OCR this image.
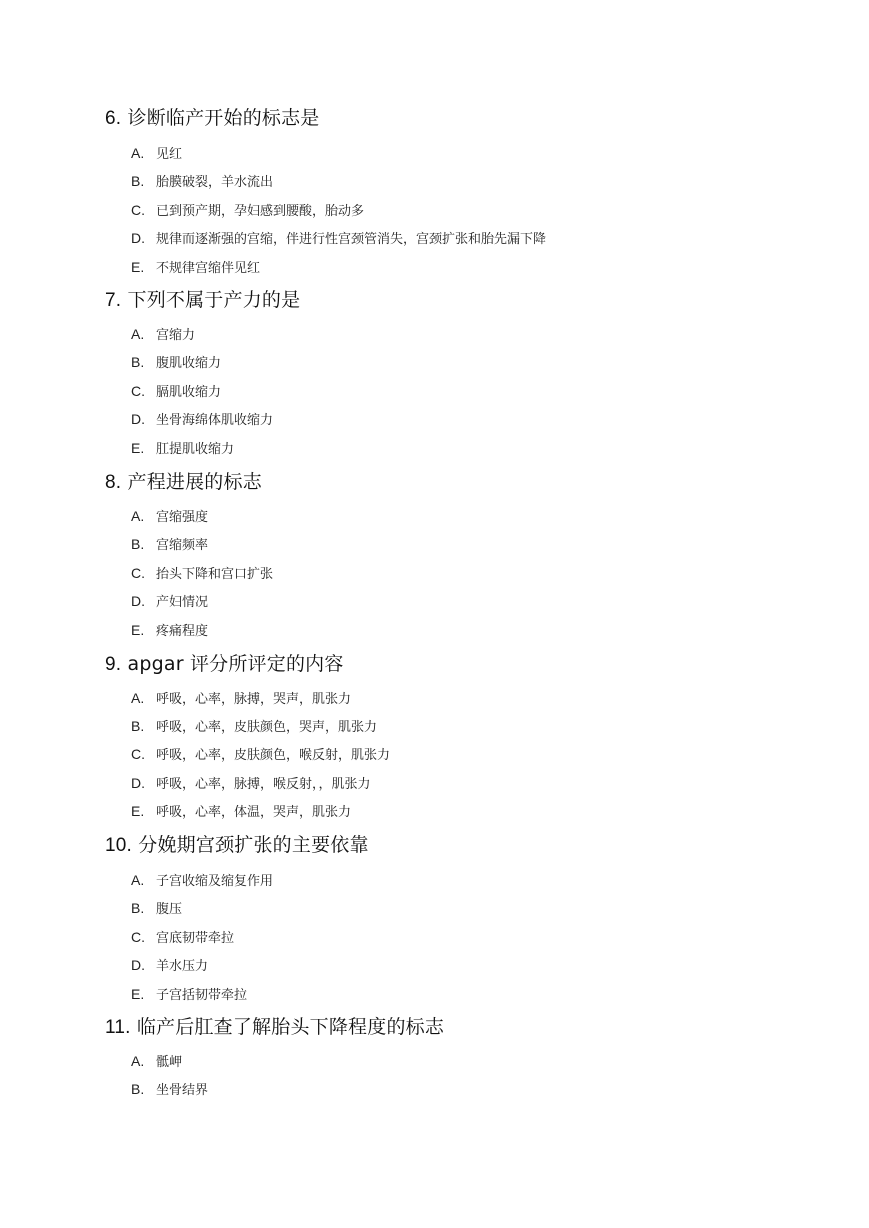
6. 诊断临产开始的标志是
A. 见红
B. 胎膜破裂，羊水流出
C. 已到预产期，孕妇感到腰酸，胎动多
D. 规律而逐渐强的宫缩，伴进行性宫颈管消失，宫颈扩张和胎先漏下降
E. 不规律宫缩伴见红
7. 下列不属于产力的是
A. 宫缩力
B. 腹肌收缩力
C. 膈肌收缩力
D. 坐骨海绵体肌收缩力
E. 肛提肌收缩力
8. 产程进展的标志
A. 宫缩强度
B. 宫缩频率
C. 抬头下降和宫口扩张
D. 产妇情况
E. 疼痛程度
9. apgar 评分所评定的内容
A. 呼吸，心率，脉搏，哭声，肌张力
B. 呼吸，心率，皮肤颜色，哭声，肌张力
C. 呼吸，心率，皮肤颜色，喉反射，肌张力
D. 呼吸，心率，脉搏，喉反射，，肌张力
E. 呼吸，心率，体温，哭声，肌张力
10. 分娩期宫颈扩张的主要依靠
A. 子宫收缩及缩复作用
B. 腹压
C. 宫底韧带牵拉
D. 羊水压力
E. 子宫括韧带牵拉
11. 临产后肛查了解胎头下降程度的标志
A. 骶岬
B. 坐骨结界
